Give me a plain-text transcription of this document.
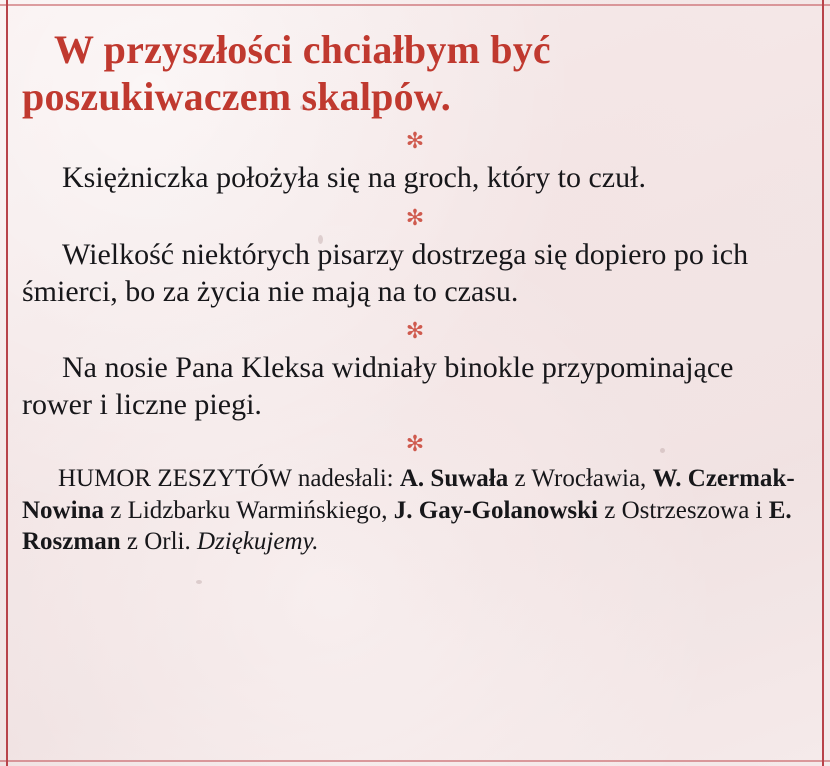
W przyszłości chciałbym być poszukiwaczem skalpów.
✻

Księżniczka położyła się na groch, który to czuł.

✻

Wielkość niektórych pisarzy dostrzega się dopiero po ich śmierci, bo za życia nie mają na to czasu.

✻

Na nosie Pana Kleksa widniały binokle przypominające rower i liczne piegi.

✻

HUMOR ZESZYTÓW nadesłali: A. Suwała z Wrocławia, W. Czermak-Nowina z Lidzbarku Warmińskiego, J. Gay-Golanowski z Ostrzeszowa i E. Roszman z Orli. Dziękujemy.
